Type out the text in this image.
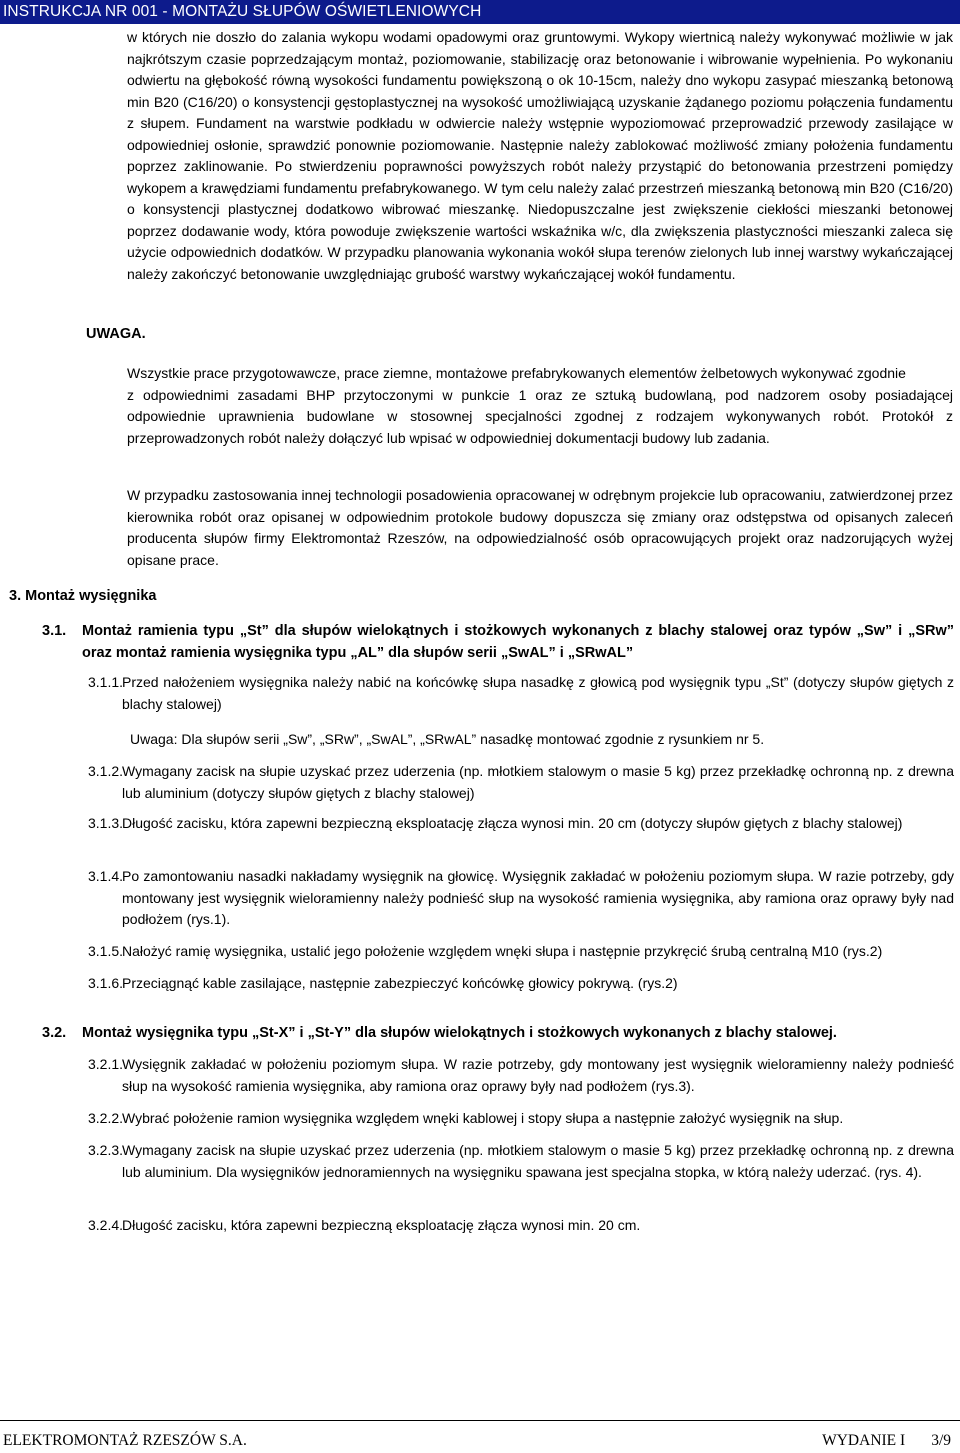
INSTRUKCJA NR 001 - MONTAŻU SŁUPÓW OŚWIETLENIOWYCH
w których nie doszło do zalania wykopu wodami opadowymi oraz gruntowymi. Wykopy wiertnicą należy wykonywać możliwie w jak najkrótszym czasie poprzedzającym montaż, poziomowanie, stabilizację oraz betonowanie i wibrowanie wypełnienia. Po wykonaniu odwiertu na głębokość równą wysokości fundamentu powiększoną o ok 10-15cm, należy dno wykopu zasypać mieszanką betonową min B20 (C16/20) o konsystencji gęstoplastycznej na wysokość umożliwiającą uzyskanie żądanego poziomu połączenia fundamentu z słupem. Fundament na warstwie podkładu w odwiercie należy wstępnie wypoziomować przeprowadzić przewody zasilające w odpowiedniej osłonie, sprawdzić ponownie poziomowanie. Następnie należy zablokować możliwość zmiany położenia fundamentu poprzez zaklinowanie. Po stwierdzeniu poprawności powyższych robót należy przystąpić do betonowania przestrzeni pomiędzy wykopem a krawędziami fundamentu prefabrykowanego. W tym celu należy zalać przestrzeń mieszanką betonową min B20 (C16/20) o konsystencji plastycznej dodatkowo wibrować mieszankę. Niedopuszczalne jest zwiększenie ciekłości mieszanki betonowej poprzez dodawanie wody, która powoduje zwiększenie wartości wskaźnika w/c, dla zwiększenia plastyczności mieszanki zaleca się użycie odpowiednich dodatków. W przypadku planowania wykonania wokół słupa terenów zielonych lub innej warstwy wykańczającej należy zakończyć betonowanie uwzględniając grubość warstwy wykańczającej wokół fundamentu.
UWAGA.
Wszystkie prace przygotowawcze, prace ziemne, montażowe prefabrykowanych elementów żelbetowych wykonywać zgodnie
z odpowiednimi zasadami BHP przytoczonymi w punkcie 1 oraz ze sztuką budowlaną, pod nadzorem osoby posiadającej odpowiednie uprawnienia budowlane w stosownej specjalności zgodnej z rodzajem wykonywanych robót. Protokół z przeprowadzonych robót należy dołączyć lub wpisać w odpowiedniej dokumentacji budowy lub zadania.
W przypadku zastosowania innej technologii posadowienia opracowanej w odrębnym projekcie lub opracowaniu, zatwierdzonej przez kierownika robót oraz opisanej w odpowiednim protokole budowy dopuszcza się zmiany oraz odstępstwa od opisanych zaleceń producenta słupów firmy Elektromontaż Rzeszów, na odpowiedzialność osób opracowujących projekt oraz nadzorujących wyżej opisane prace.
3. Montaż wysięgnika
3.1.	Montaż ramienia typu „St” dla słupów wielokątnych i stożkowych wykonanych z blachy stalowej oraz typów „Sw” i „SRw” oraz montaż ramienia wysięgnika typu „AL” dla słupów serii „SwAL” i „SRwAL”
3.1.1.
Przed nałożeniem wysięgnika należy nabić na końcówkę słupa nasadkę z głowicą pod wysięgnik typu „St” (dotyczy słupów giętych z blachy stalowej)
Uwaga: Dla słupów serii „Sw”, „SRw”, „SwAL”, „SRwAL” nasadkę montować zgodnie z rysunkiem nr 5.
3.1.2.
Wymagany zacisk na słupie uzyskać przez uderzenia (np. młotkiem stalowym o masie 5 kg) przez przekładkę ochronną np. z drewna lub aluminium (dotyczy słupów giętych z blachy stalowej)
3.1.3.
Długość zacisku, która zapewni bezpieczną eksploatację złącza wynosi min. 20 cm (dotyczy słupów giętych z blachy stalowej)
3.1.4.
Po zamontowaniu nasadki nakładamy wysięgnik na głowicę. Wysięgnik zakładać w położeniu poziomym słupa. W razie potrzeby, gdy montowany jest wysięgnik wieloramienny należy podnieść słup na wysokość ramienia wysięgnika, aby ramiona oraz oprawy były nad podłożem (rys.1).
3.1.5.
Nałożyć ramię wysięgnika, ustalić jego położenie względem wnęki słupa i następnie przykręcić śrubą centralną M10 (rys.2)
3.1.6.
Przeciągnąć kable zasilające, następnie zabezpieczyć końcówkę głowicy pokrywą. (rys.2)
3.2.	Montaż wysięgnika typu „St-X” i „St-Y” dla słupów wielokątnych i stożkowych wykonanych z blachy stalowej.
3.2.1.
Wysięgnik zakładać w położeniu poziomym słupa. W razie potrzeby, gdy montowany jest wysięgnik wieloramienny należy podnieść słup na wysokość ramienia wysięgnika, aby ramiona oraz oprawy były nad podłożem (rys.3).
3.2.2.
Wybrać położenie ramion wysięgnika względem wnęki kablowej i stopy słupa a następnie założyć wysięgnik na słup.
3.2.3.
Wymagany zacisk na słupie uzyskać przez uderzenia (np. młotkiem stalowym o masie 5 kg) przez przekładkę ochronną np. z drewna lub aluminium. Dla wysięgników jednoramiennych na wysięgniku spawana jest specjalna stopka, w którą należy uderzać. (rys. 4).
3.2.4.
Długość zacisku, która zapewni bezpieczną eksploatację złącza wynosi min. 20 cm.
ELEKTROMONTAŻ RZESZÓW S.A.	WYDANIE I 3/9
